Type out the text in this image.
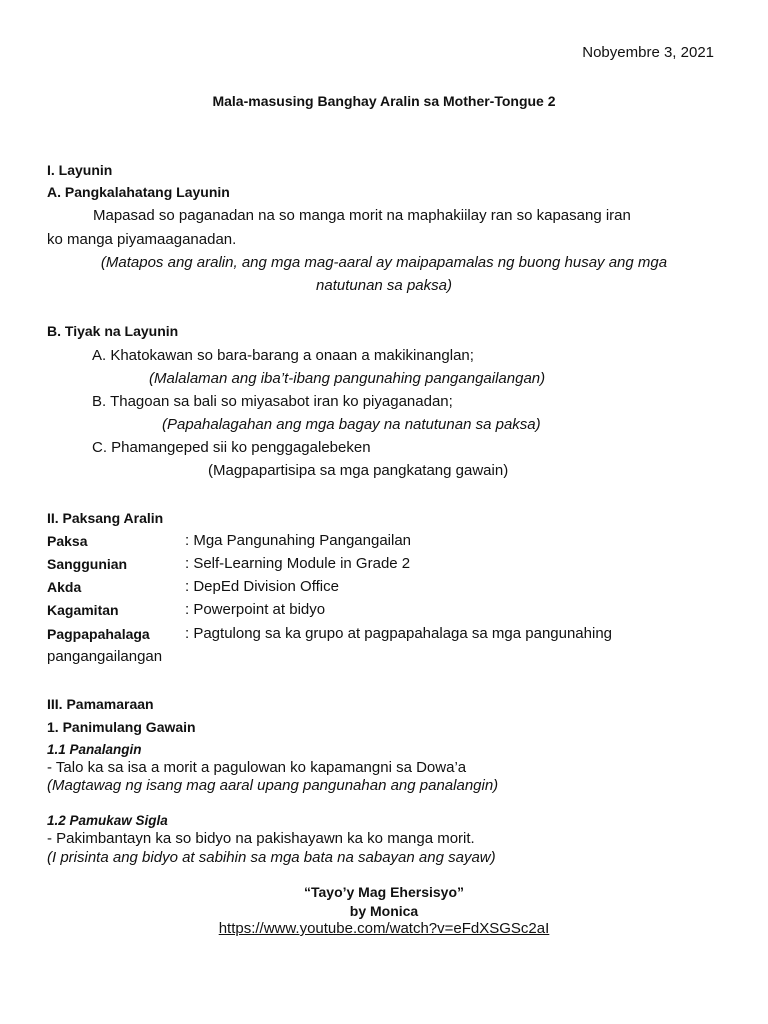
Nobyembre 3, 2021
Mala-masusing Banghay Aralin sa Mother-Tongue 2
I. Layunin
A. Pangkalahatang Layunin
Mapasad so paganadan na so manga morit na maphakiilay ran so kapasang iran
ko manga piyamaaganadan.
(Matapos ang aralin, ang mga mag-aaral ay maipapamalas ng buong husay ang mga
natutunan sa paksa)
B. Tiyak na Layunin
A. Khatokawan so bara-barang a onaan a makikinanglan;
(Malalaman ang iba’t-ibang pangunahing pangangailangan)
B. Thagoan sa bali so miyasabot iran ko piyaganadan;
(Papahalagahan ang mga bagay na natutunan sa paksa)
C. Phamangeped sii ko penggagalebeken
(Magpapartisipa sa mga pangkatang gawain)
II. Paksang Aralin
Paksa	: Mga Pangunahing Pangangailan
Sanggunian	: Self-Learning Module in Grade 2
Akda	: DepEd Division Office
Kagamitan	: Powerpoint at bidyo
Pagpapahalaga : Pagtulong sa ka grupo at pagpapahalaga sa mga pangunahing
pangangailangan
III. Pamamaraan
1. Panimulang Gawain
1.1 Panalangin
- Talo ka sa isa a morit a pagulowan ko kapamangni sa Dowa’a
(Magtawag ng isang mag aaral upang pangunahan ang panalangin)
1.2 Pamukaw Sigla
- Pakimbantayn ka so bidyo na pakishayawn ka ko manga morit.
(I prisinta ang bidyo at sabihin sa mga bata na sabayan ang sayaw)
“Tayo’y Mag Ehersisyo”
by Monica
https://www.youtube.com/watch?v=eFdXSGSc2aI
